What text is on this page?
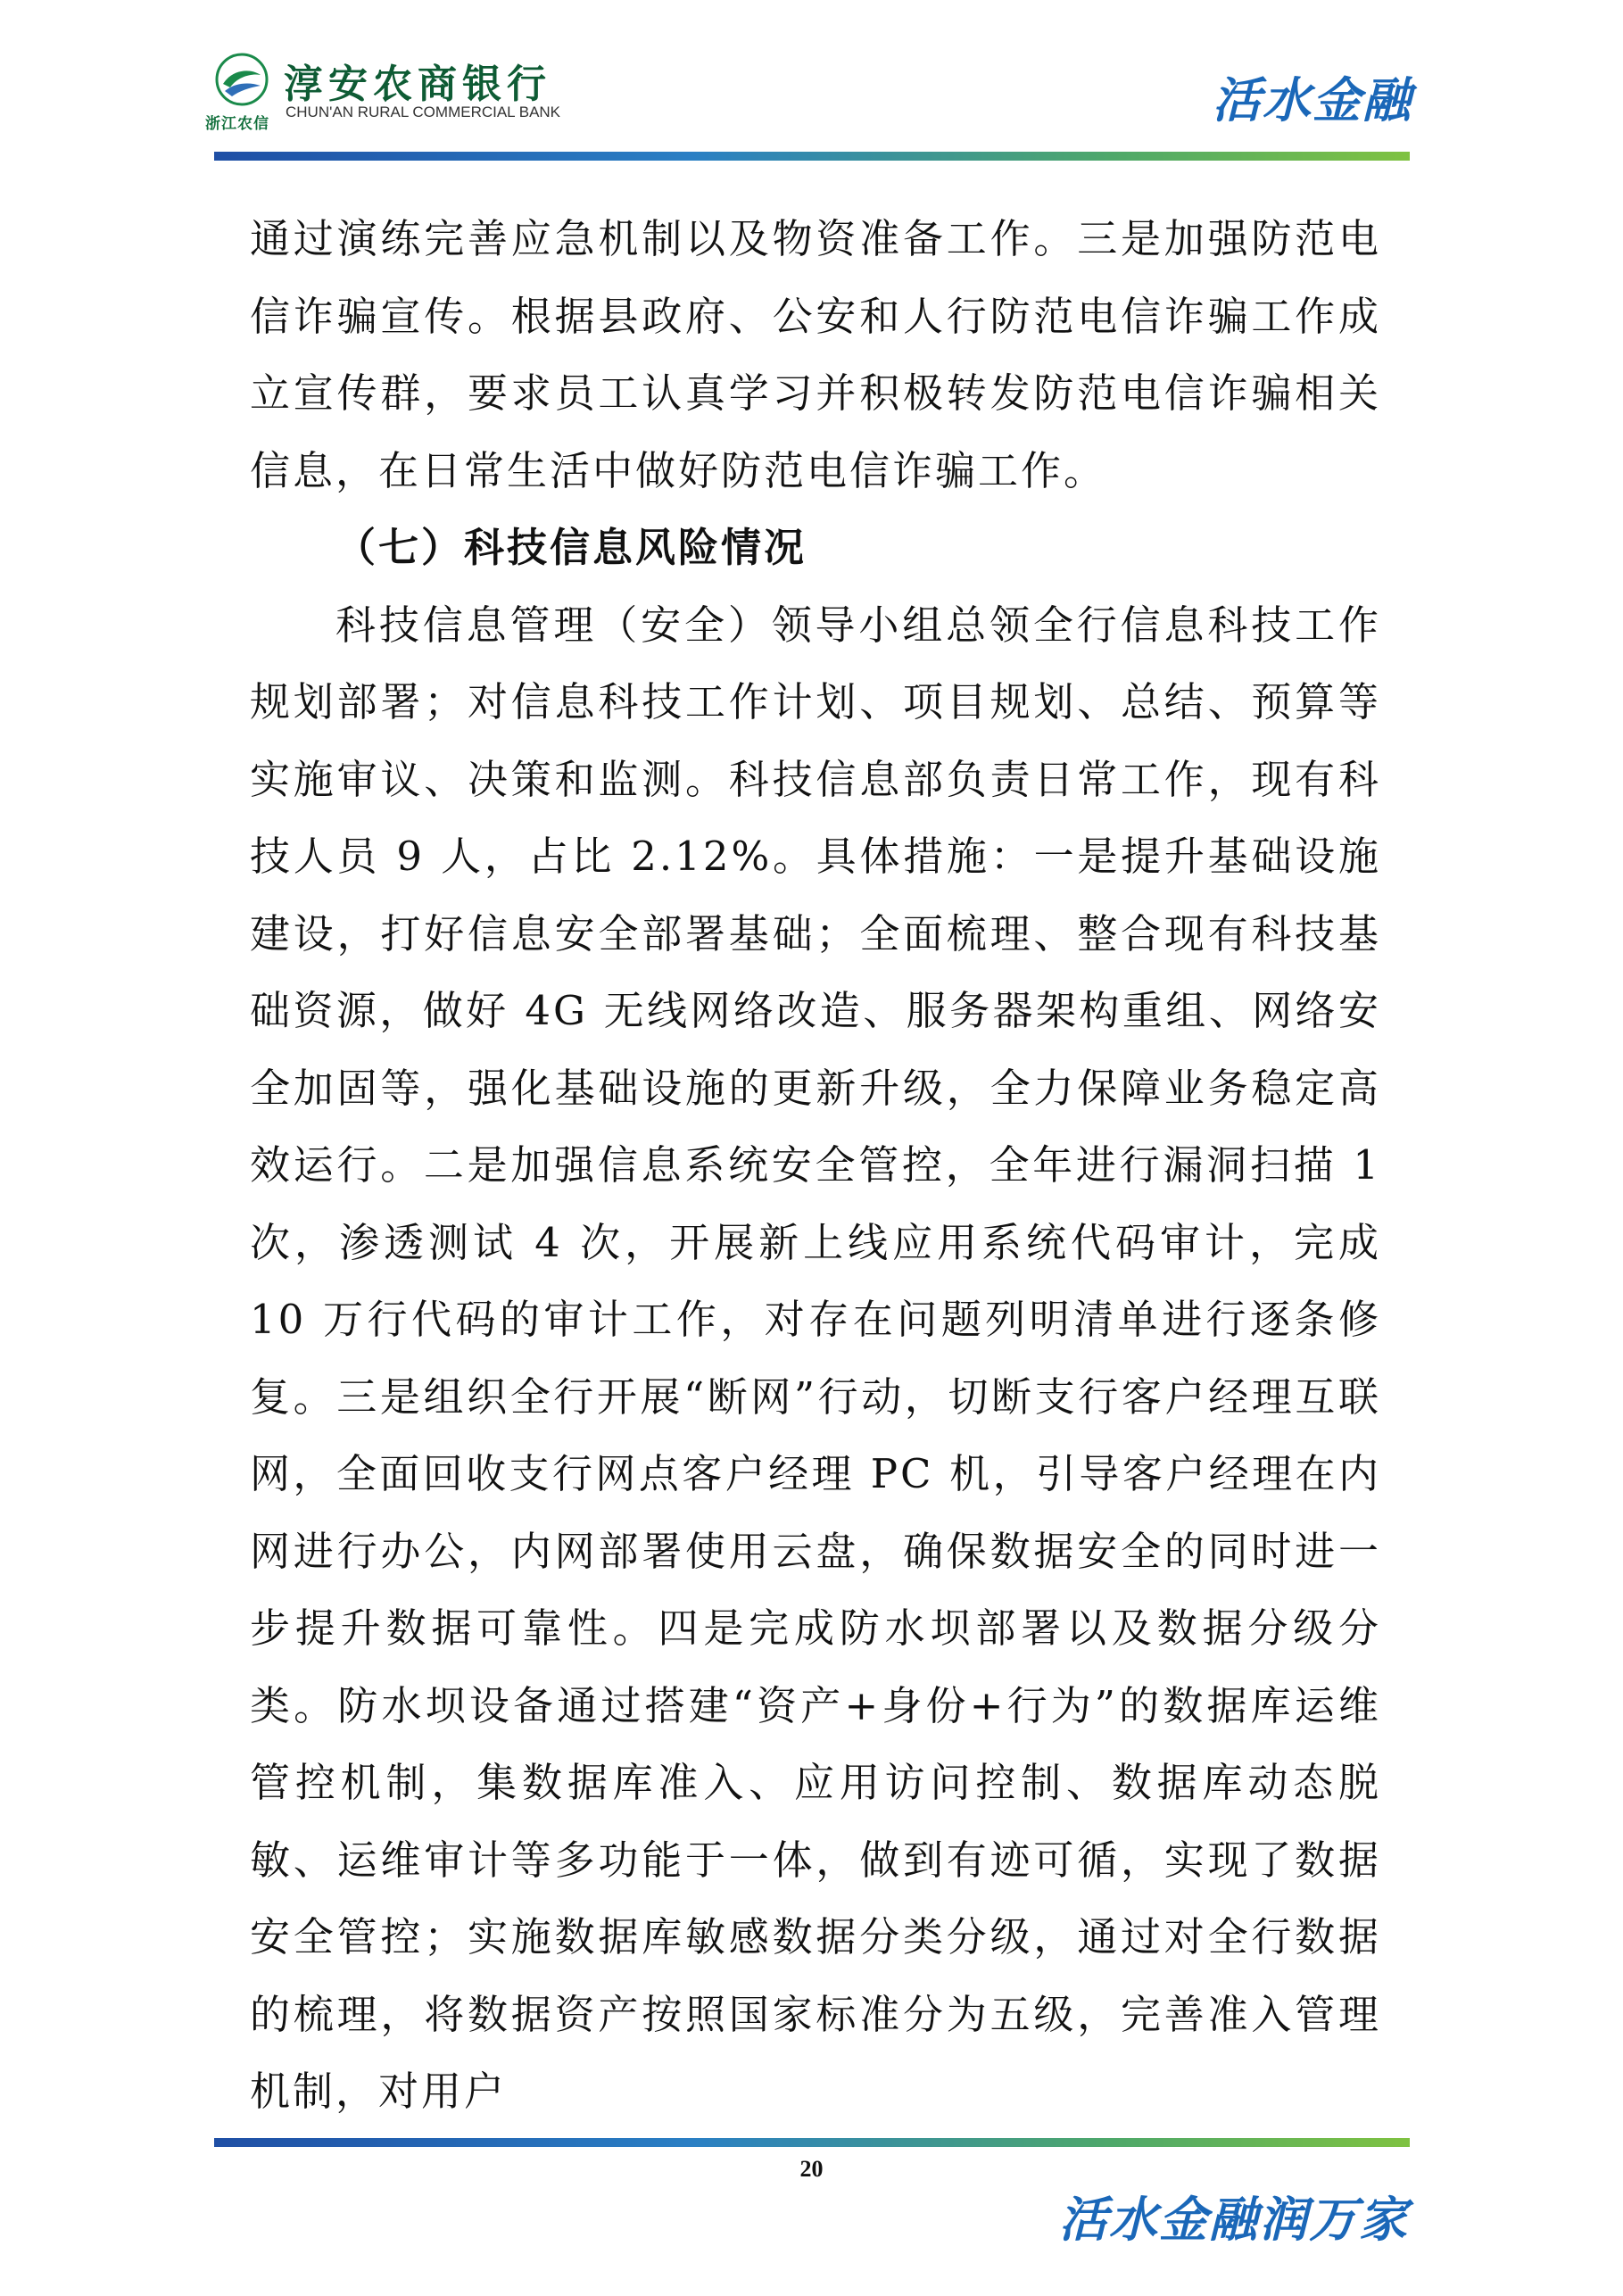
浙江农信
淳安农商银行
CHUN'AN RURAL COMMERCIAL BANK	活水金融

通过演练完善应急机制以及物资准备工作。三是加强防范电信诈骗宣传。根据县政府、公安和人行防范电信诈骗工作成立宣传群，要求员工认真学习并积极转发防范电信诈骗相关信息，在日常生活中做好防范电信诈骗工作。

（七）科技信息风险情况

科技信息管理（安全）领导小组总领全行信息科技工作规划部署；对信息科技工作计划、项目规划、总结、预算等实施审议、决策和监测。科技信息部负责日常工作，现有科技人员 9 人，占比 2.12%。具体措施：一是提升基础设施建设，打好信息安全部署基础；全面梳理、整合现有科技基础资源，做好 4G 无线网络改造、服务器架构重组、网络安全加固等，强化基础设施的更新升级，全力保障业务稳定高效运行。二是加强信息系统安全管控，全年进行漏洞扫描 1 次，渗透测试 4 次，开展新上线应用系统代码审计，完成 10 万行代码的审计工作，对存在问题列明清单进行逐条修复。三是组织全行开展“断网”行动，切断支行客户经理互联网，全面回收支行网点客户经理 PC 机，引导客户经理在内网进行办公，内网部署使用云盘，确保数据安全的同时进一步提升数据可靠性。四是完成防水坝部署以及数据分级分类。防水坝设备通过搭建“资产+身份+行为”的数据库运维管控机制，集数据库准入、应用访问控制、数据库动态脱敏、运维审计等多功能于一体，做到有迹可循，实现了数据安全管控；实施数据库敏感数据分类分级，通过对全行数据的梳理，将数据资产按照国家标准分为五级，完善准入管理机制，对用户

20
活水金融润万家
